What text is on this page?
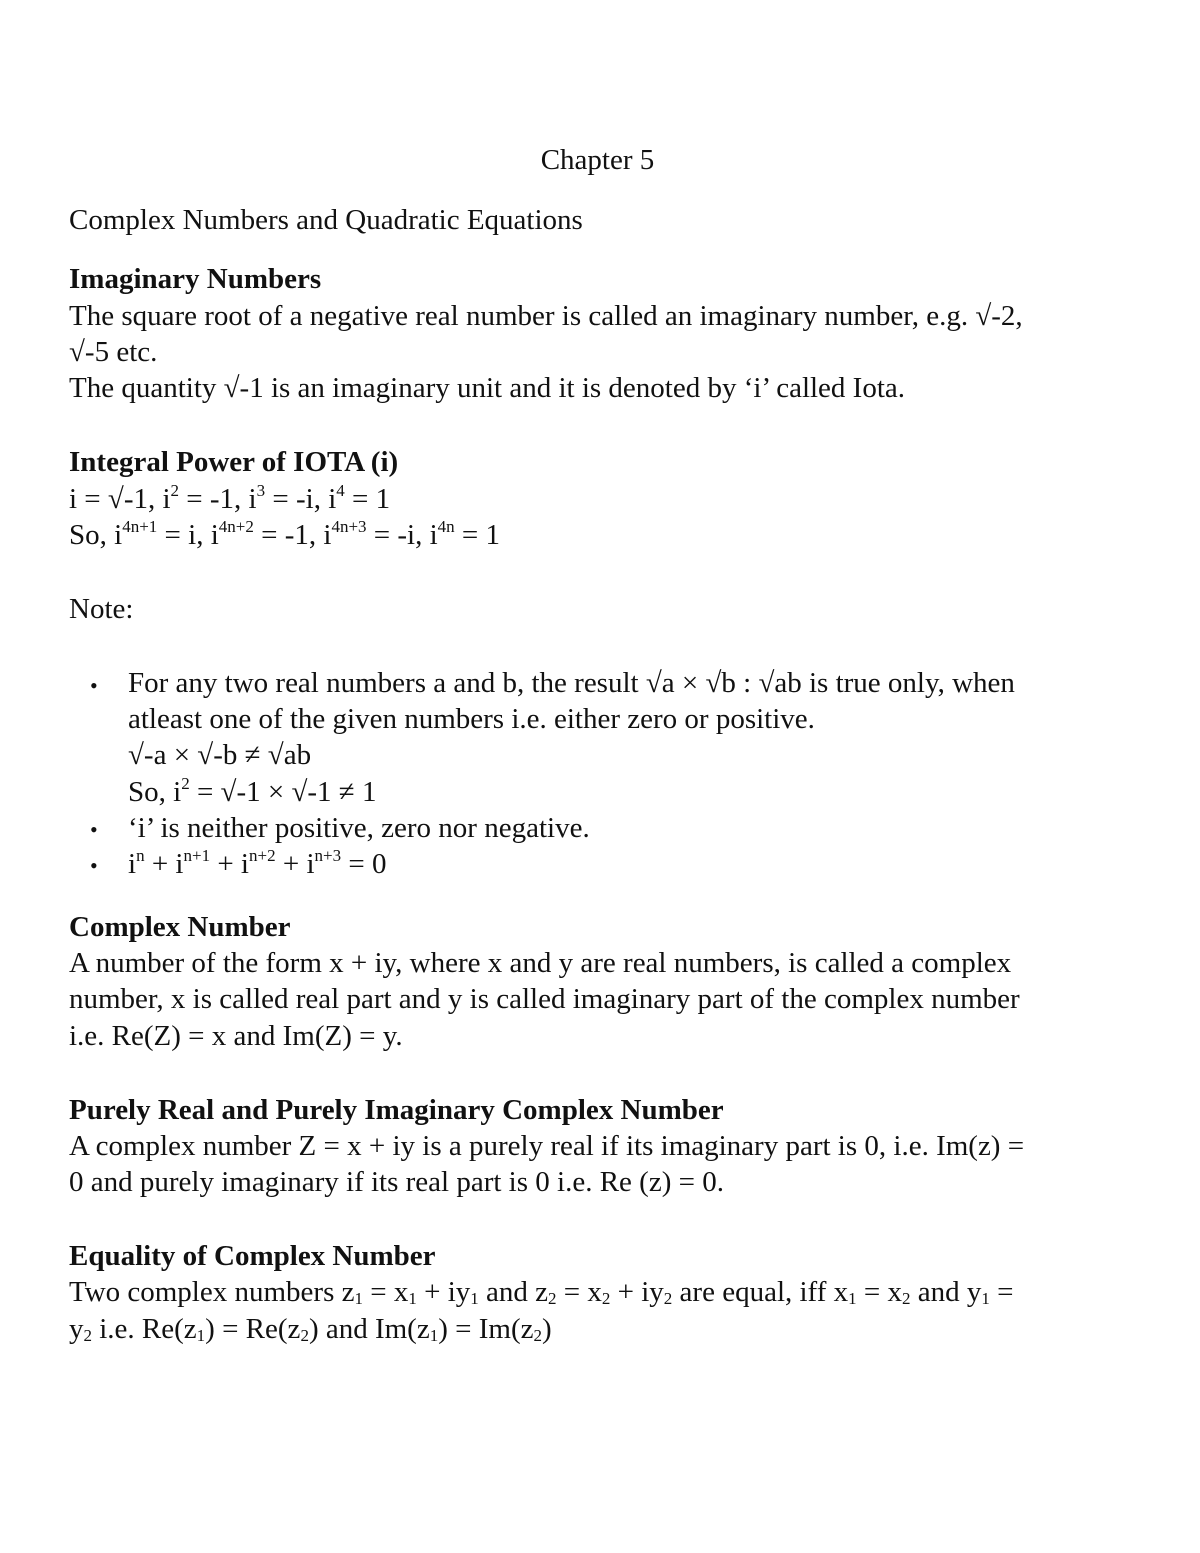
Chapter 5
Complex Numbers and Quadratic Equations
Imaginary Numbers
The square root of a negative real number is called an imaginary number, e.g. √-2,
√-5 etc.
The quantity √-1 is an imaginary unit and it is denoted by ‘i’ called Iota.
Integral Power of IOTA (i)
i = √-1, $i^2 = -1$, $i^3 = -i$, $i^4 = 1$
So, $i^{4n+1} = i$, $i^{4n+2} = -1$, $i^{4n+3} = -i$, $i^{4n} = 1$
Note:
• For any two real numbers a and b, the result √a × √b : √ab is true only, when
atleast one of the given numbers i.e. either zero or positive.
√-a × √-b ≠ √ab
So, $i^2 = √-1 \times √-1 \ne 1$
• ‘i’ is neither positive, zero nor negative.
• $i^n + i^{n+1} + i^{n+2} + i^{n+3} = 0$
Complex Number
A number of the form x + iy, where x and y are real numbers, is called a complex
number, x is called real part and y is called imaginary part of the complex number
i.e. Re(Z) = x and Im(Z) = y.
Purely Real and Purely Imaginary Complex Number
A complex number Z = x + iy is a purely real if its imaginary part is 0, i.e. Im(z) =
0 and purely imaginary if its real part is 0 i.e. Re (z) = 0.
Equality of Complex Number
Two complex numbers $z_1 = x_1 + iy_1$ and $z_2 = x_2 + iy_2$ are equal, iff $x_1 = x_2$ and $y_1$ =
$y_2$ i.e. $Re(z_1) = Re(z_2)$ and $Im(z_1) = Im(z_2)$
